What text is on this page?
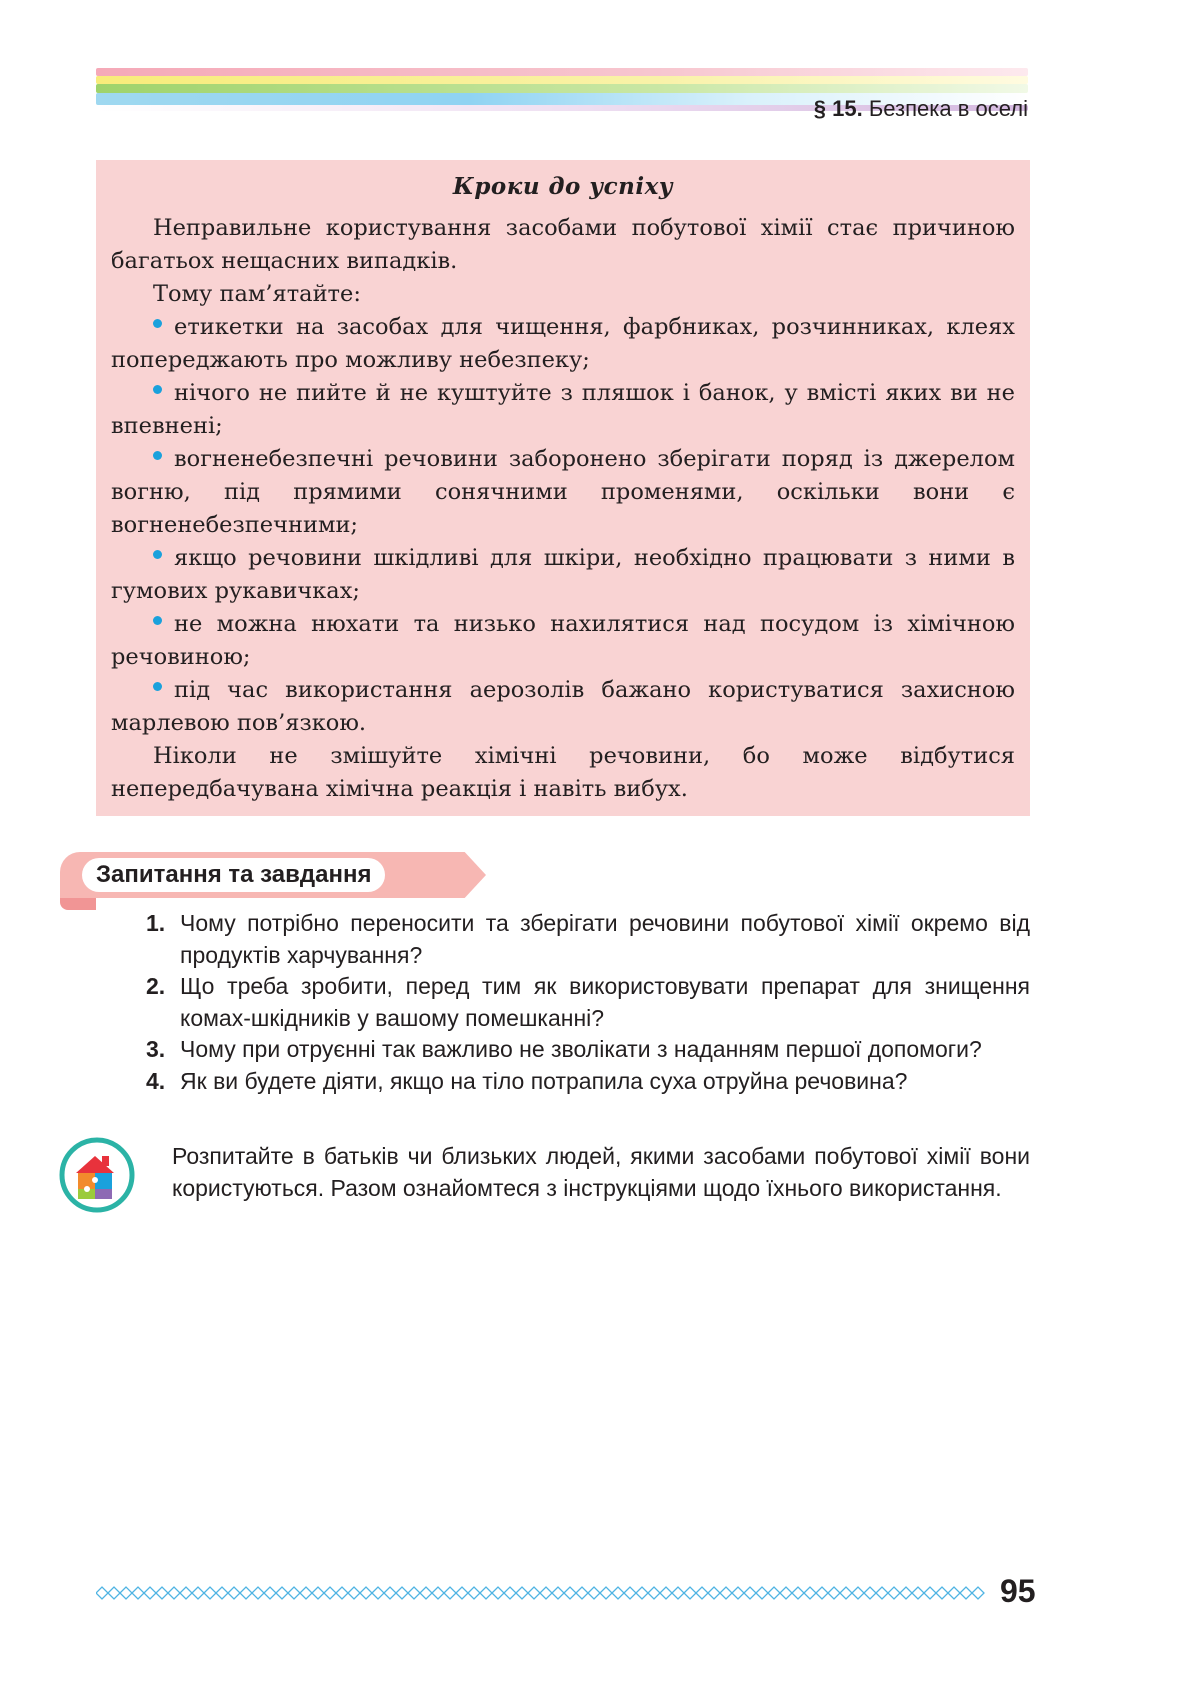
§ 15. Безпека в оселі
Кроки до успіху

Неправильне користування засобами побутової хімії стає причиною багатьох нещасних випадків.

Тому пам’ятайте:

етикетки на засобах для чищення, фарбниках, розчинниках, клеях попереджають про можливу небезпеку;

нічого не пийте й не куштуйте з пляшок і банок, у вмісті яких ви не впевнені;

вогненебезпечні речовини заборонено зберігати поряд із джерелом вогню, під прямими сонячними променями, оскільки вони є вогненебезпечними;

якщо речовини шкідливі для шкіри, необхідно працювати з ними в гумових рукавичках;

не можна нюхати та низько нахилятися над посудом із хімічною речовиною;

під час використання аерозолів бажано користуватися захисною марлевою пов’язкою.

Ніколи не змішуйте хімічні речовини, бо може відбутися непередбачувана хімічна реакція і навіть вибух.

Запитання та завдання
1. Чому потрібно переносити та зберігати речовини побутової хімії окремо від продуктів харчування?
2. Що треба зробити, перед тим як використовувати препарат для знищення комах-шкідників у вашому помешканні?
3. Чому при отруєнні так важливо не зволікати з наданням першої допомоги?
4. Як ви будете діяти, якщо на тіло потрапила суха отруйна речовина?
Розпитайте в батьків чи близьких людей, якими засобами побутової хімії вони користуються. Разом ознайомтеся з інструкціями щодо їхнього використання.
95
